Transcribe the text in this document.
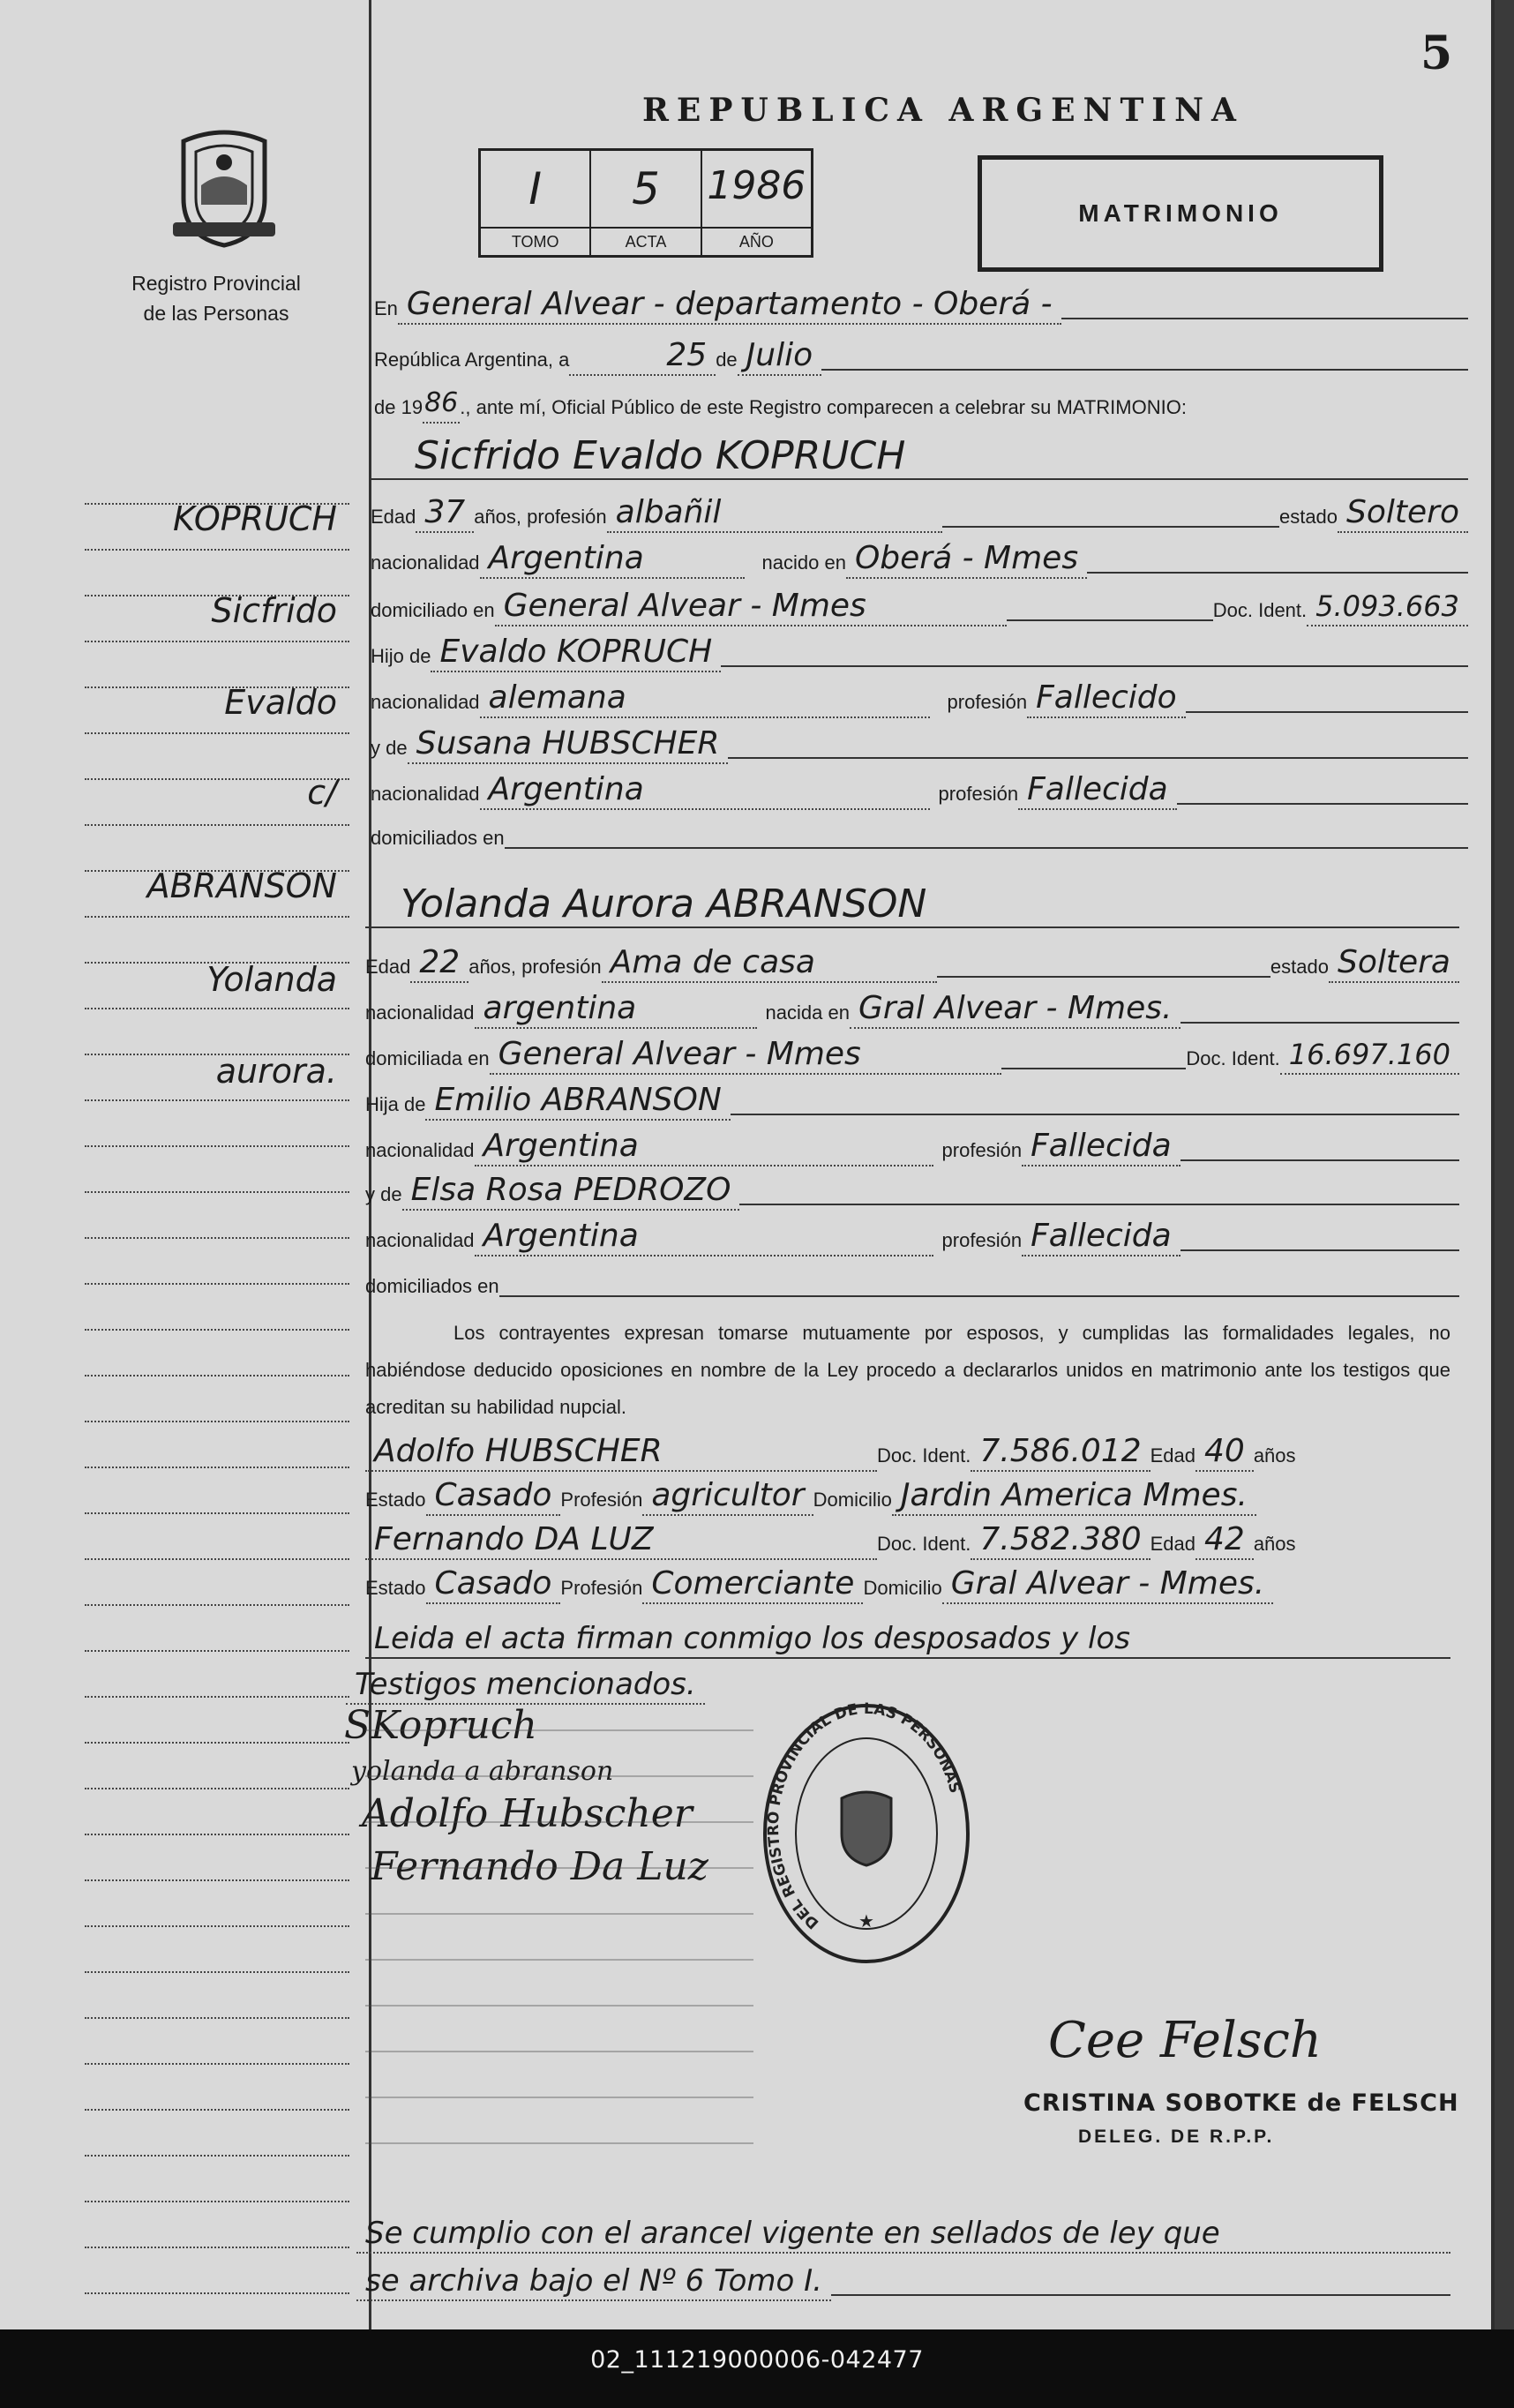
5
REPUBLICA ARGENTINA
Registro Provincial
de las Personas
I
TOMO
5
ACTA
1986
AÑO
MATRIMONIO
En General Alvear - departamento - Oberá -
República Argentina, a	25 de Julio
de 19 86 ., ante mí, Oficial Público de este Registro comparecen a celebrar su MATRIMONIO:
Sicfrido Evaldo KOPRUCH
Edad 37 años, profesión albañil	estado Soltero
nacionalidad Argentina	nacido en Oberá - Mmes
domiciliado en General Alvear - Mmes	Doc. Ident. 5.093.663
Hijo de Evaldo KOPRUCH
nacionalidad alemana	profesión Fallecido
y de Susana HUBSCHER
nacionalidad Argentina	profesión Fallecida
domiciliados en
Yolanda Aurora ABRANSON
Edad 22 años, profesión Ama de casa	estado Soltera
nacionalidad argentina	nacida en Gral Alvear - Mmes.
domiciliada en General Alvear - Mmes	Doc. Ident. 16.697.160
Hija de Emilio ABRANSON
nacionalidad Argentina	profesión Fallecida
y de Elsa Rosa PEDROZO
nacionalidad Argentina	profesión Fallecida
domiciliados en
Los contrayentes expresan tomarse mutuamente por esposos, y cumplidas las formalidades legales, no habiéndose deducido oposiciones en nombre de la Ley procedo a declararlos unidos en matrimonio ante los testigos que acreditan su habilidad nupcial.
Adolfo HUBSCHER	Doc. Ident. 7.586.012 Edad 40 años
Estado Casado Profesión agricultor Domicilio Jardin America Mmes.
Fernando DA LUZ	Doc. Ident. 7.582.380 Edad 42 años
Estado Casado Profesión Comerciante Domicilio Gral Alvear - Mmes.
Leida el acta firman conmigo los desposados y los
Testigos mencionados.
SKopruch
yolanda a abranson
Adolfo Hubscher
Fernando Da Luz
DEL REGISTRO PROVINCIAL DE LAS PERSONAS
★
Cee Felsch
CRISTINA SOBOTKE de FELSCH
DELEG. DE R.P.P.
Se cumplio con el arancel vigente en sellados de ley que
se archiva bajo el Nº 6 Tomo I.
KOPRUCH
Sicfrido
Evaldo
c/
ABRANSON
Yolanda
aurora.
02_111219000006-042477
